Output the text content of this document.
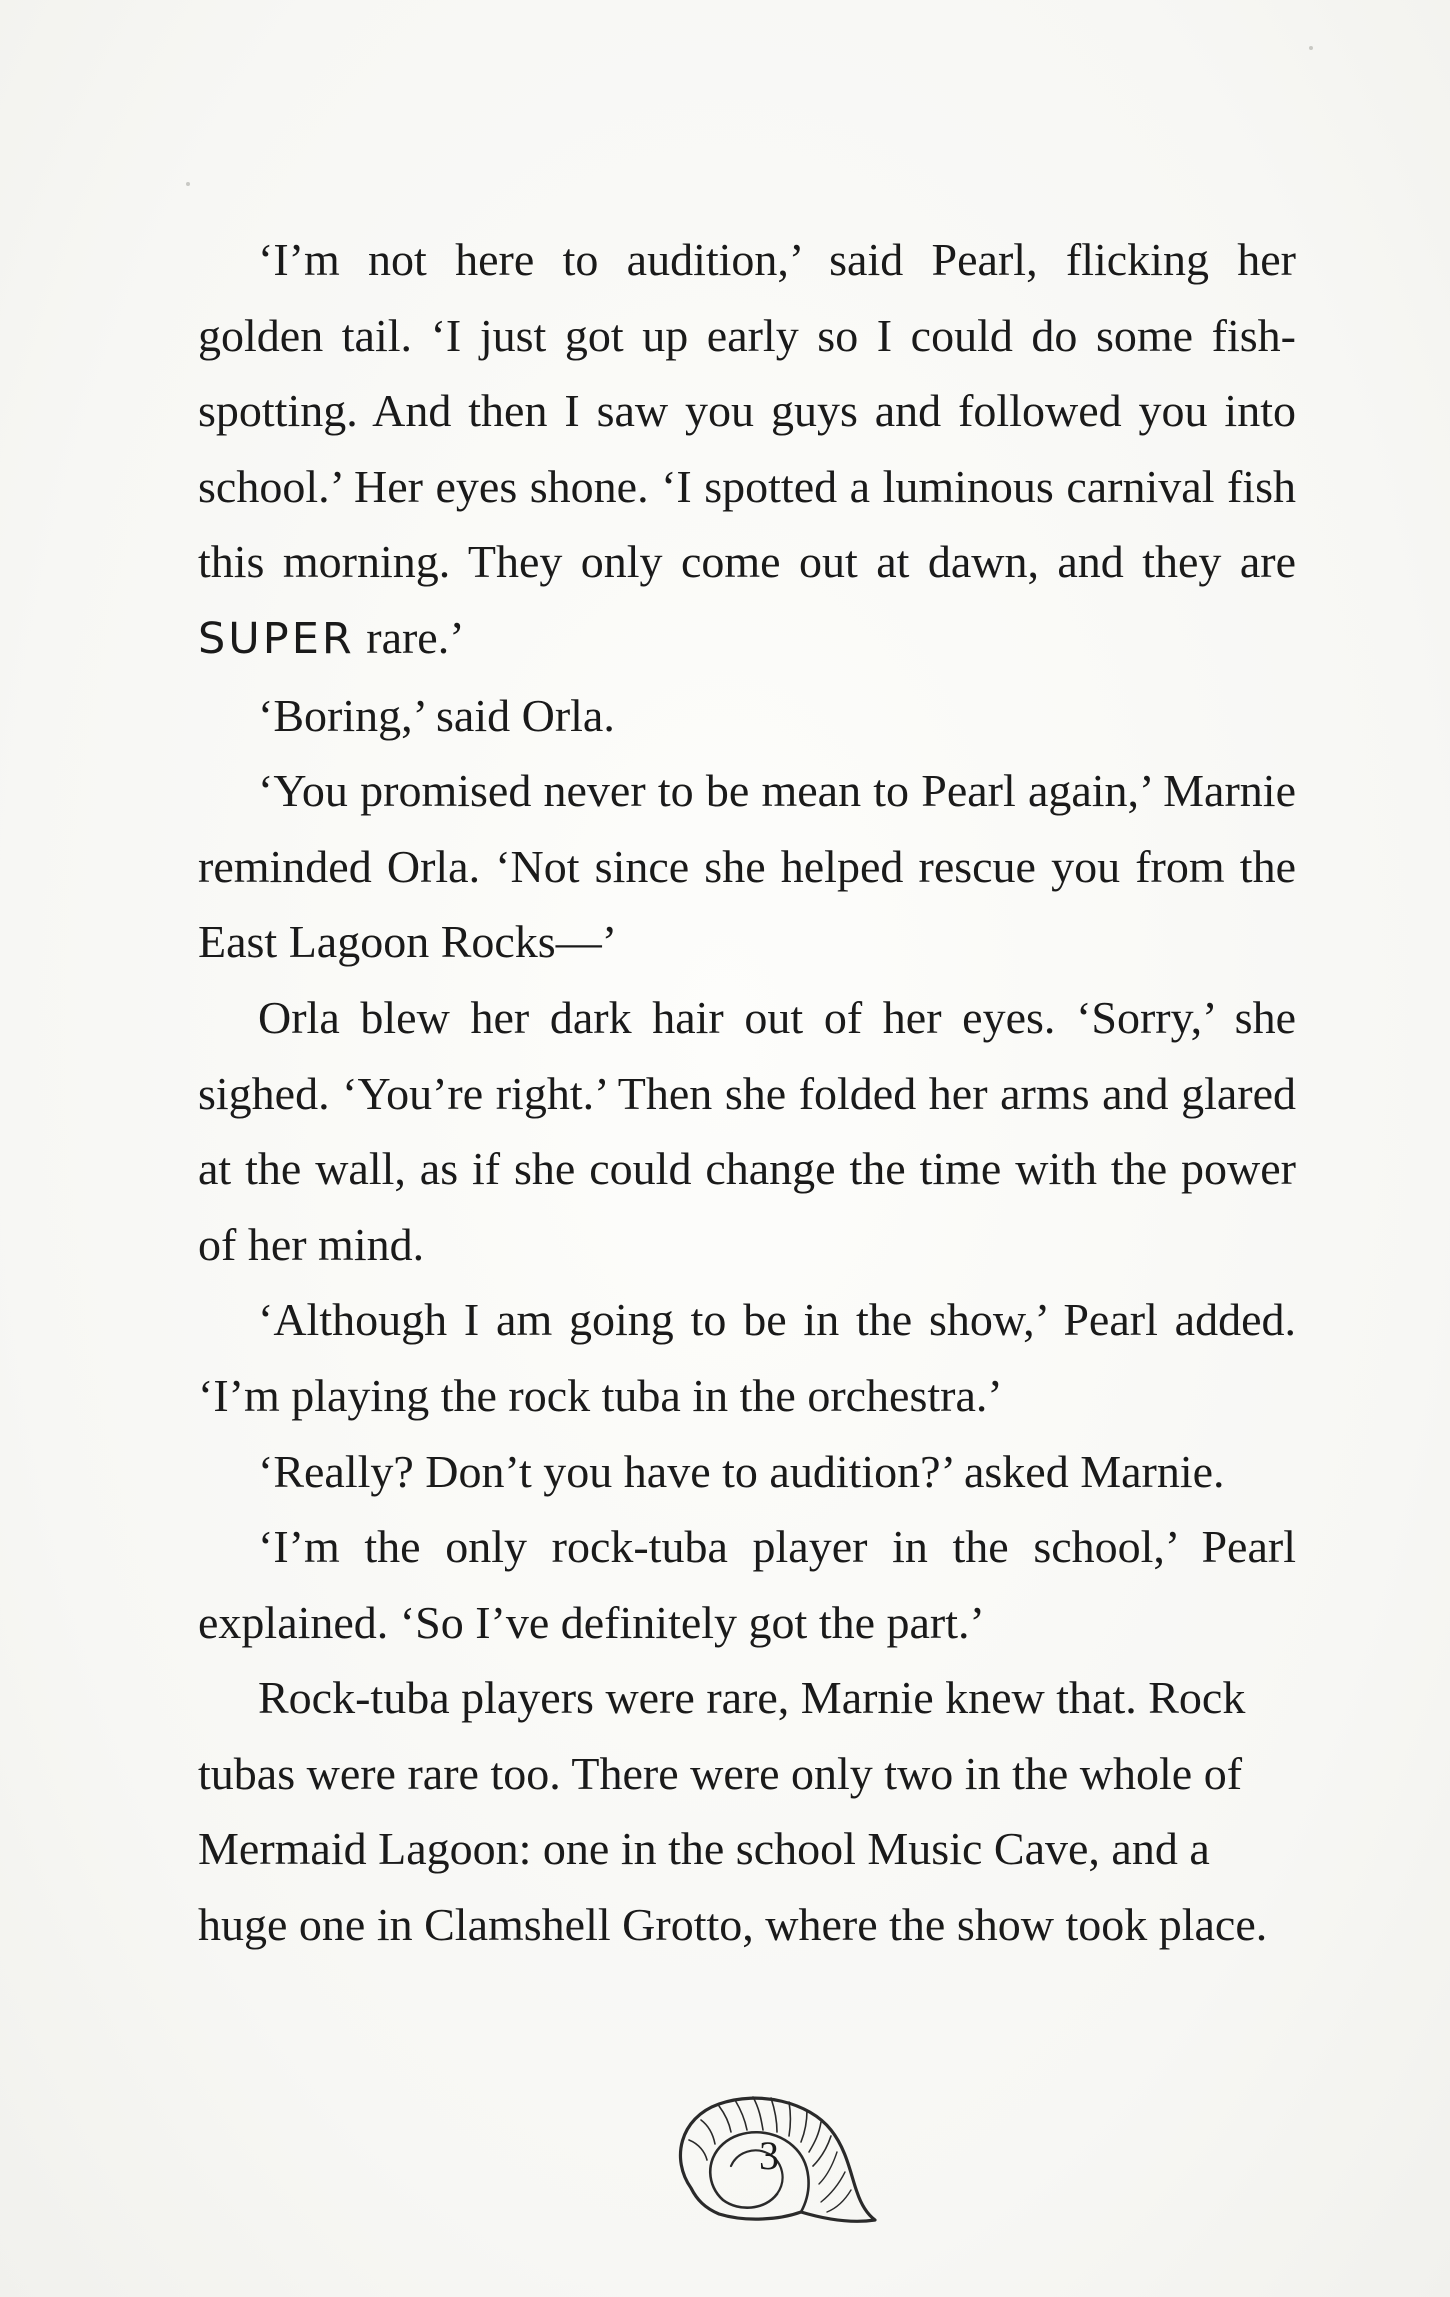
‘I’m not here to audition,’ said Pearl, flicking her golden tail. ‘I just got up early so I could do some fish-spotting. And then I saw you guys and followed you into school.’ Her eyes shone. ‘I spotted a luminous carnival fish this morning. They only come out at dawn, and they are SUPER rare.’

‘Boring,’ said Orla.

‘You promised never to be mean to Pearl again,’ Marnie reminded Orla. ‘Not since she helped rescue you from the East Lagoon Rocks—’

Orla blew her dark hair out of her eyes. ‘Sorry,’ she sighed. ‘You’re right.’ Then she folded her arms and glared at the wall, as if she could change the time with the power of her mind.

‘Although I am going to be in the show,’ Pearl added. ‘I’m playing the rock tuba in the orchestra.’

‘Really? Don’t you have to audition?’ asked Marnie.

‘I’m the only rock-tuba player in the school,’ Pearl explained. ‘So I’ve definitely got the part.’

Rock-tuba players were rare, Marnie knew that. Rock tubas were rare too. There were only two in the whole of Mermaid Lagoon: one in the school Music Cave, and a huge one in Clamshell Grotto, where the show took place.

3
